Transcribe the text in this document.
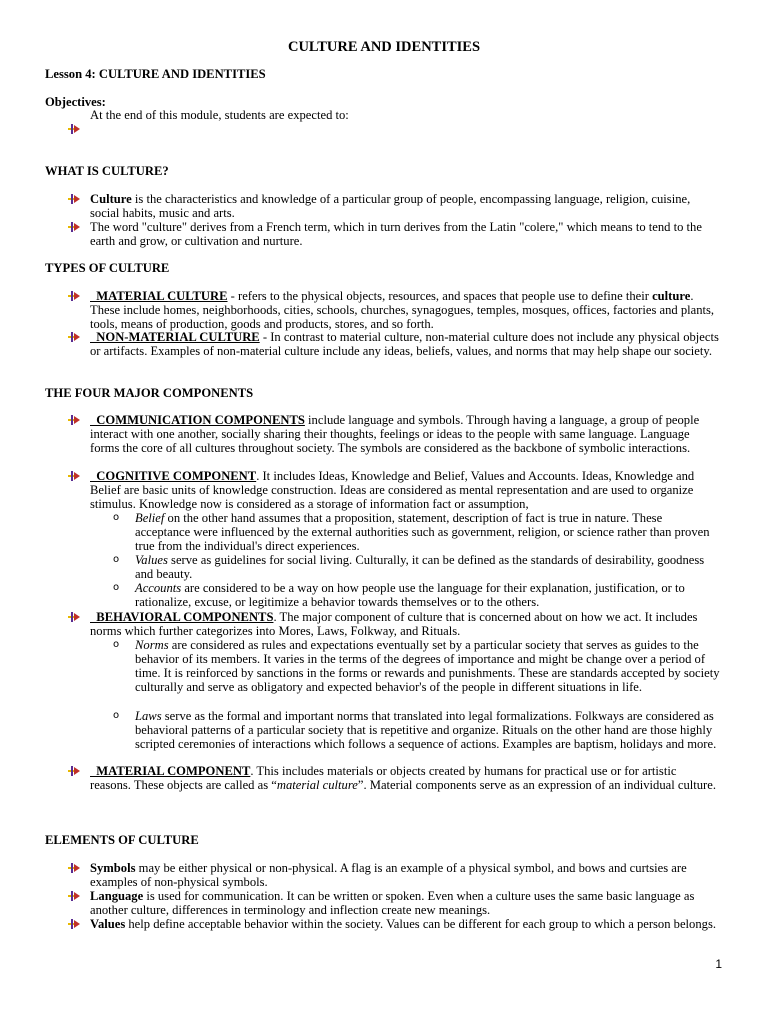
CULTURE AND IDENTITIES
Lesson 4: CULTURE AND IDENTITIES
Objectives:
At the end of this module, students are expected to:
WHAT IS CULTURE?
Culture is the characteristics and knowledge of a particular group of people, encompassing language, religion, cuisine, social habits, music and arts.
The word "culture" derives from a French term, which in turn derives from the Latin "colere," which means to tend to the earth and grow, or cultivation and nurture.
TYPES OF CULTURE
MATERIAL CULTURE - refers to the physical objects, resources, and spaces that people use to define their culture. These include homes, neighborhoods, cities, schools, churches, synagogues, temples, mosques, offices, factories and plants, tools, means of production, goods and products, stores, and so forth.
NON-MATERIAL CULTURE - In contrast to material culture, non-material culture does not include any physical objects or artifacts. Examples of non-material culture include any ideas, beliefs, values, and norms that may help shape our society.
THE FOUR MAJOR COMPONENTS
COMMUNICATION COMPONENTS include language and symbols. Through having a language, a group of people interact with one another, socially sharing their thoughts, feelings or ideas to the people with same language. Language forms the core of all cultures throughout society. The symbols are considered as the backbone of symbolic interactions.
COGNITIVE COMPONENT. It includes Ideas, Knowledge and Belief, Values and Accounts. Ideas, Knowledge and Belief are basic units of knowledge construction. Ideas are considered as mental representation and are used to organize stimulus. Knowledge now is considered as a storage of information fact or assumption,
o Belief on the other hand assumes that a proposition, statement, description of fact is true in nature. These acceptance were influenced by the external authorities such as government, religion, or science rather than proven true from the individual's direct experiences.
o Values serve as guidelines for social living. Culturally, it can be defined as the standards of desirability, goodness and beauty.
o Accounts are considered to be a way on how people use the language for their explanation, justification, or to rationalize, excuse, or legitimize a behavior towards themselves or to the others.
BEHAVIORAL COMPONENTS. The major component of culture that is concerned about on how we act. It includes norms which further categorizes into Mores, Laws, Folkway, and Rituals.
o Norms are considered as rules and expectations eventually set by a particular society that serves as guides to the behavior of its members. It varies in the terms of the degrees of importance and might be change over a period of time. It is reinforced by sanctions in the forms or rewards and punishments. These are standards accepted by society culturally and serve as obligatory and expected behavior's of the people in different situations in life.
o Laws serve as the formal and important norms that translated into legal formalizations. Folkways are considered as behavioral patterns of a particular society that is repetitive and organize. Rituals on the other hand are those highly scripted ceremonies of interactions which follows a sequence of actions. Examples are baptism, holidays and more.
MATERIAL COMPONENT. This includes materials or objects created by humans for practical use or for artistic reasons. These objects are called as “material culture”. Material components serve as an expression of an individual culture.
ELEMENTS OF CULTURE
Symbols may be either physical or non-physical. A flag is an example of a physical symbol, and bows and curtsies are examples of non-physical symbols.
Language is used for communication. It can be written or spoken. Even when a culture uses the same basic language as another culture, differences in terminology and inflection create new meanings.
Values help define acceptable behavior within the society. Values can be different for each group to which a person belongs.
1
